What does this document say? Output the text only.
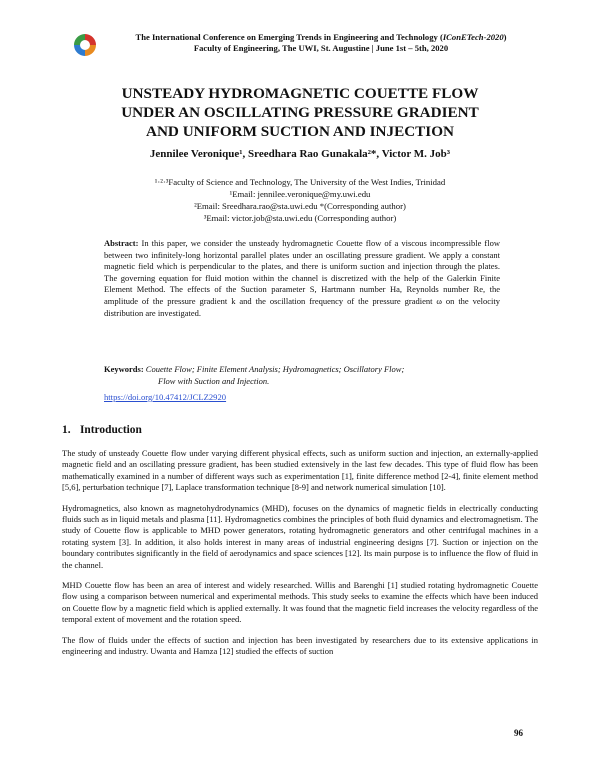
The International Conference on Emerging Trends in Engineering and Technology (IConETech-2020)
Faculty of Engineering, The UWI, St. Augustine | June 1st – 5th, 2020
UNSTEADY HYDROMAGNETIC COUETTE FLOW
UNDER AN OSCILLATING PRESSURE GRADIENT
AND UNIFORM SUCTION AND INJECTION
Jennilee Veronique¹, Sreedhara Rao Gunakala²*, Victor M. Job³
¹·²·³Faculty of Science and Technology, The University of the West Indies, Trinidad
¹Email: jennilee.veronique@my.uwi.edu
²Email: Sreedhara.rao@sta.uwi.edu *(Corresponding author)
³Email: victor.job@sta.uwi.edu (Corresponding author)
Abstract: In this paper, we consider the unsteady hydromagnetic Couette flow of a viscous incompressible flow between two infinitely-long horizontal parallel plates under an oscillating pressure gradient. We apply a constant magnetic field which is perpendicular to the plates, and there is uniform suction and injection through the plates. The governing equation for fluid motion within the channel is discretized with the help of the Galerkin Finite Element Method. The effects of the Suction parameter S, Hartmann number Ha, Reynolds number Re, the amplitude of the pressure gradient k and the oscillation frequency of the pressure gradient ω on the velocity distribution are investigated.
Keywords: Couette Flow; Finite Element Analysis; Hydromagnetics; Oscillatory Flow;
Flow with Suction and Injection.
https://doi.org/10.47412/JCLZ2920
1. Introduction

The study of unsteady Couette flow under varying different physical effects, such as uniform suction and injection, an externally-applied magnetic field and an oscillating pressure gradient, has been studied extensively in the last few decades. This type of fluid flow has been mathematically examined in a number of different ways such as experimentation [1], finite difference method [2-4], finite element method [5,6], perturbation technique [7], Laplace transformation technique [8-9] and network numerical simulation [10].

Hydromagnetics, also known as magnetohydrodynamics (MHD), focuses on the dynamics of magnetic fields in electrically conducting fluids such as in liquid metals and plasma [11]. Hydromagnetics combines the principles of both fluid dynamics and electromagnetism. The study of Couette flow is applicable to MHD power generators, rotating hydromagnetic generators and other centrifugal machines in a rotating system [3]. In addition, it also holds interest in many areas of industrial engineering designs [7]. Suction or injection on the boundary contributes significantly in the field of aerodynamics and space sciences [12]. Its main purpose is to influence the flow of fluid in the channel.

MHD Couette flow has been an area of interest and widely researched. Willis and Barenghi [1] studied rotating hydromagnetic Couette flow using a comparison between numerical and experimental methods. This study seeks to examine the effects which have been induced on Couette flow by a magnetic field which is applied externally. It was found that the magnetic field increases the velocity regardless of the temporal extent of movement and the rotation speed.

The flow of fluids under the effects of suction and injection has been investigated by researchers due to its extensive applications in engineering and industry. Uwanta and Hamza [12] studied the effects of suction

96
